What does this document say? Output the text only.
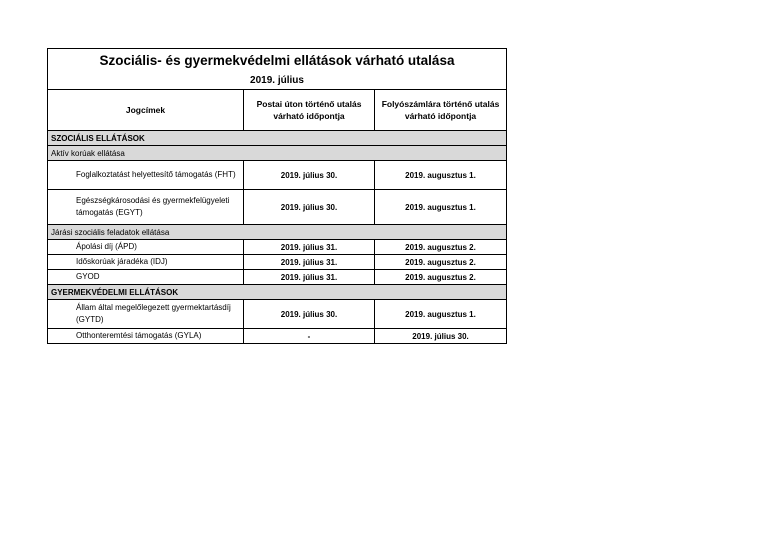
Szociális- és gyermekvédelmi ellátások várható utalása		
2019. július		
Jogcímek	Postai úton történő utalás várható időpontja	Folyószámlára történő utalás várható időpontja
SZOCIÁLIS ELLÁTÁSOK		
Aktív korúak ellátása		
Foglalkoztatást helyettesítő támogatás (FHT)	2019. július 30.	2019. augusztus 1.
Egészségkárosodási és gyermekfelügyeleti támogatás (EGYT)	2019. július 30.	2019. augusztus 1.
Járási szociális feladatok ellátása		
Ápolási díj (ÁPD)	2019. július 31.	2019. augusztus 2.
Időskorúak járadéka (IDJ)	2019. július 31.	2019. augusztus 2.
GYOD	2019. július 31.	2019. augusztus 2.
GYERMEKVÉDELMI ELLÁTÁSOK		
Állam által megelőlegezett gyermektartásdíj (GYTD)	2019. július 30.	2019. augusztus 1.
Otthonteremtési támogatás (GYLA)	-	2019. július 30.
